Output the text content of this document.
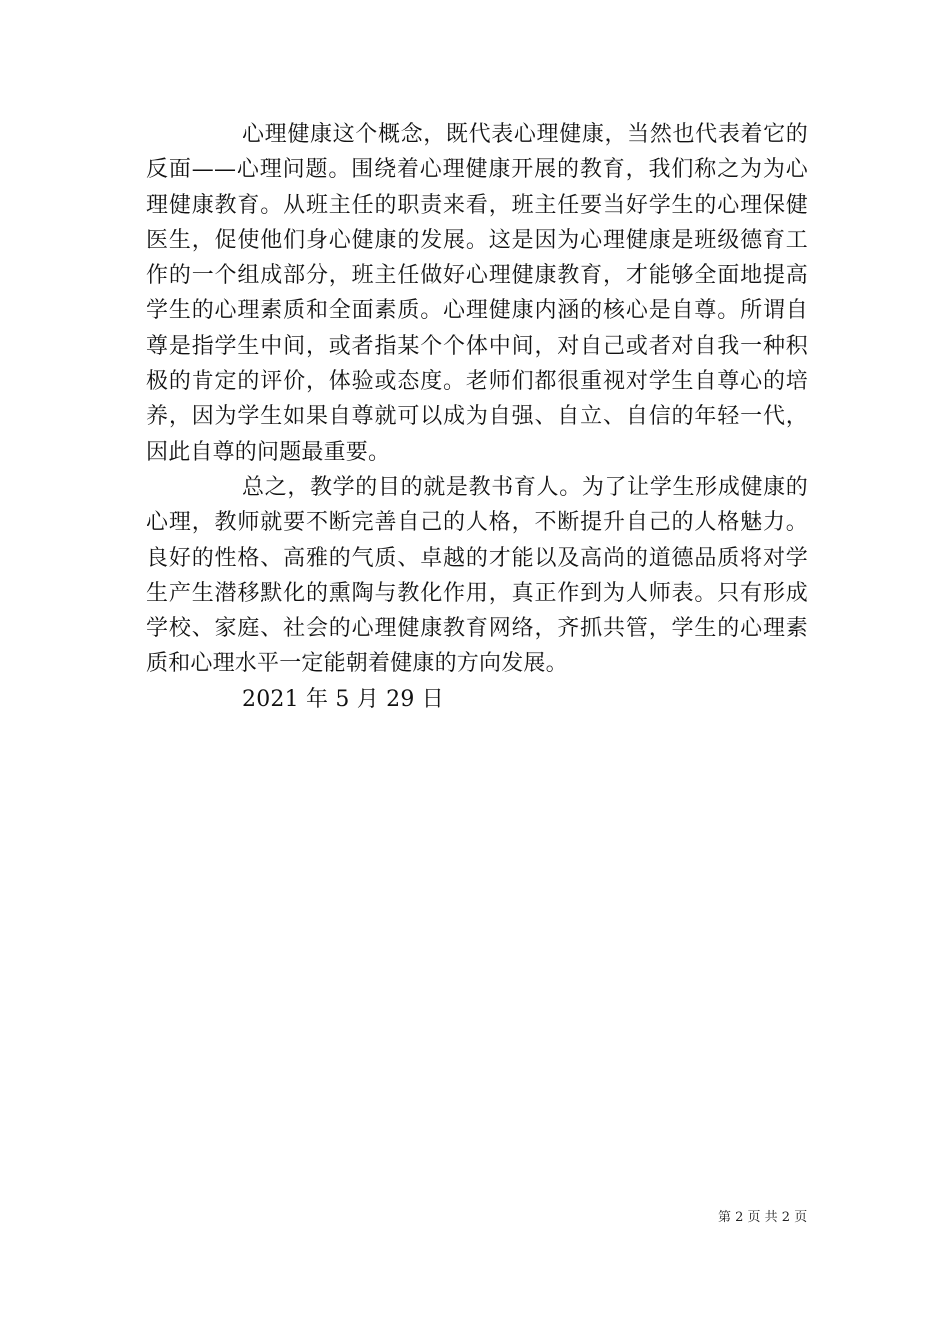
心理健康这个概念，既代表心理健康，当然也代表着它的反面——心理问题。围绕着心理健康开展的教育，我们称之为为心理健康教育。从班主任的职责来看，班主任要当好学生的心理保健医生，促使他们身心健康的发展。这是因为心理健康是班级德育工作的一个组成部分，班主任做好心理健康教育，才能够全面地提高学生的心理素质和全面素质。心理健康内涵的核心是自尊。所谓自尊是指学生中间，或者指某个个体中间，对自己或者对自我一种积极的肯定的评价，体验或态度。老师们都很重视对学生自尊心的培养，因为学生如果自尊就可以成为自强、自立、自信的年轻一代，因此自尊的问题最重要。

总之，教学的目的就是教书育人。为了让学生形成健康的心理，教师就要不断完善自己的人格，不断提升自己的人格魅力。良好的性格、高雅的气质、卓越的才能以及高尚的道德品质将对学生产生潜移默化的熏陶与教化作用，真正作到为人师表。只有形成学校、家庭、社会的心理健康教育网络，齐抓共管，学生的心理素质和心理水平一定能朝着健康的方向发展。

2021 年 5 月 29 日

第 2 页 共 2 页
